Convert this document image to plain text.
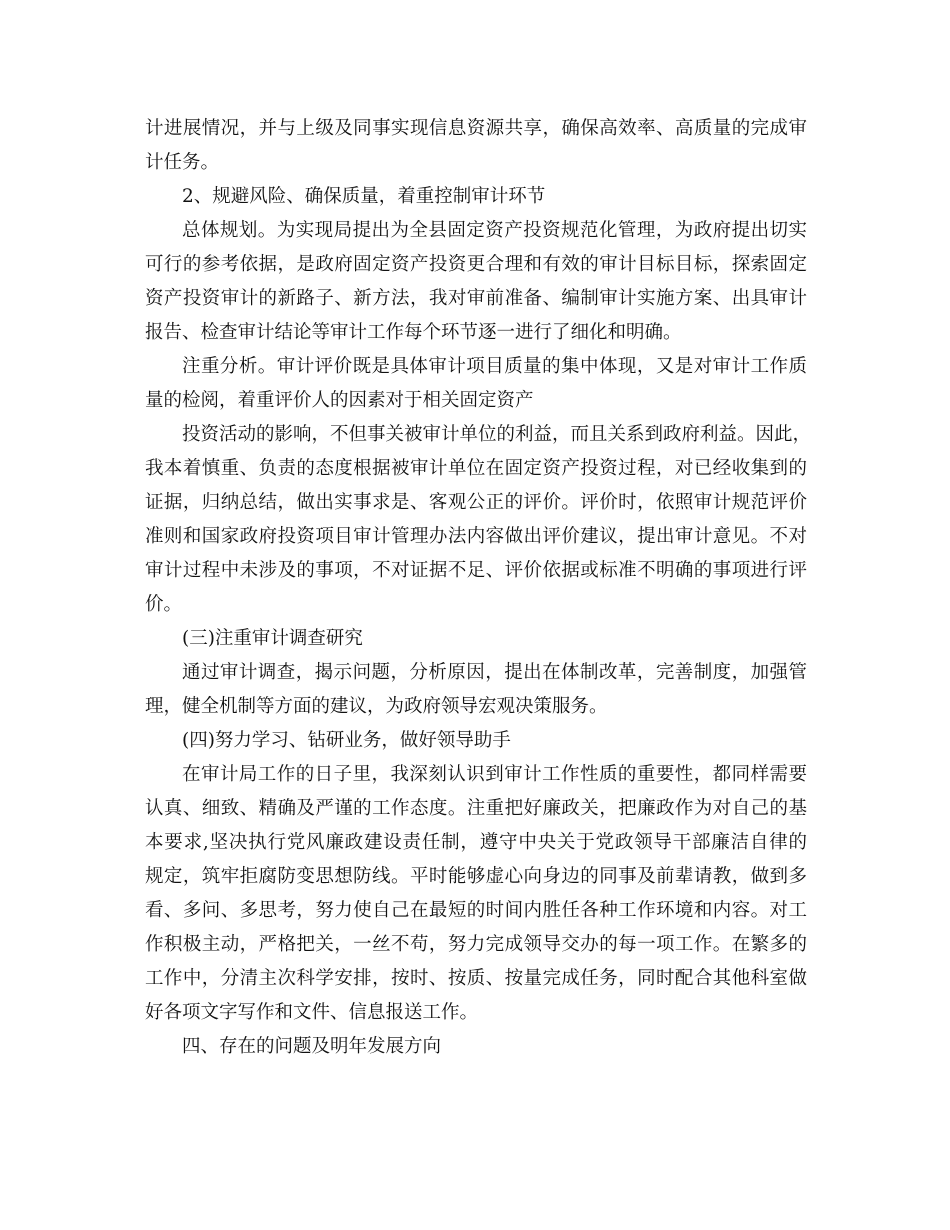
计进展情况，并与上级及同事实现信息资源共享，确保高效率、高质量的完成审
计任务。
2、规避风险、确保质量，着重控制审计环节
总体规划。为实现局提出为全县固定资产投资规范化管理，为政府提出切实
可行的参考依据，是政府固定资产投资更合理和有效的审计目标目标，探索固定
资产投资审计的新路子、新方法，我对审前准备、编制审计实施方案、出具审计
报告、检查审计结论等审计工作每个环节逐一进行了细化和明确。
注重分析。审计评价既是具体审计项目质量的集中体现，又是对审计工作质
量的检阅，着重评价人的因素对于相关固定资产
投资活动的影响，不但事关被审计单位的利益，而且关系到政府利益。因此，
我本着慎重、负责的态度根据被审计单位在固定资产投资过程，对已经收集到的
证据，归纳总结，做出实事求是、客观公正的评价。评价时，依照审计规范评价
准则和国家政府投资项目审计管理办法内容做出评价建议，提出审计意见。不对
审计过程中未涉及的事项，不对证据不足、评价依据或标准不明确的事项进行评
价。
(三)注重审计调查研究
通过审计调查，揭示问题，分析原因，提出在体制改革，完善制度，加强管
理，健全机制等方面的建议，为政府领导宏观决策服务。
(四)努力学习、钻研业务，做好领导助手
在审计局工作的日子里，我深刻认识到审计工作性质的重要性，都同样需要
认真、细致、精确及严谨的工作态度。注重把好廉政关，把廉政作为对自己的基
本要求,坚决执行党风廉政建设责任制，遵守中央关于党政领导干部廉洁自律的
规定，筑牢拒腐防变思想防线。平时能够虚心向身边的同事及前辈请教，做到多
看、多问、多思考，努力使自己在最短的时间内胜任各种工作环境和内容。对工
作积极主动，严格把关，一丝不苟，努力完成领导交办的每一项工作。在繁多的
工作中，分清主次科学安排，按时、按质、按量完成任务，同时配合其他科室做
好各项文字写作和文件、信息报送工作。
四、存在的问题及明年发展方向
